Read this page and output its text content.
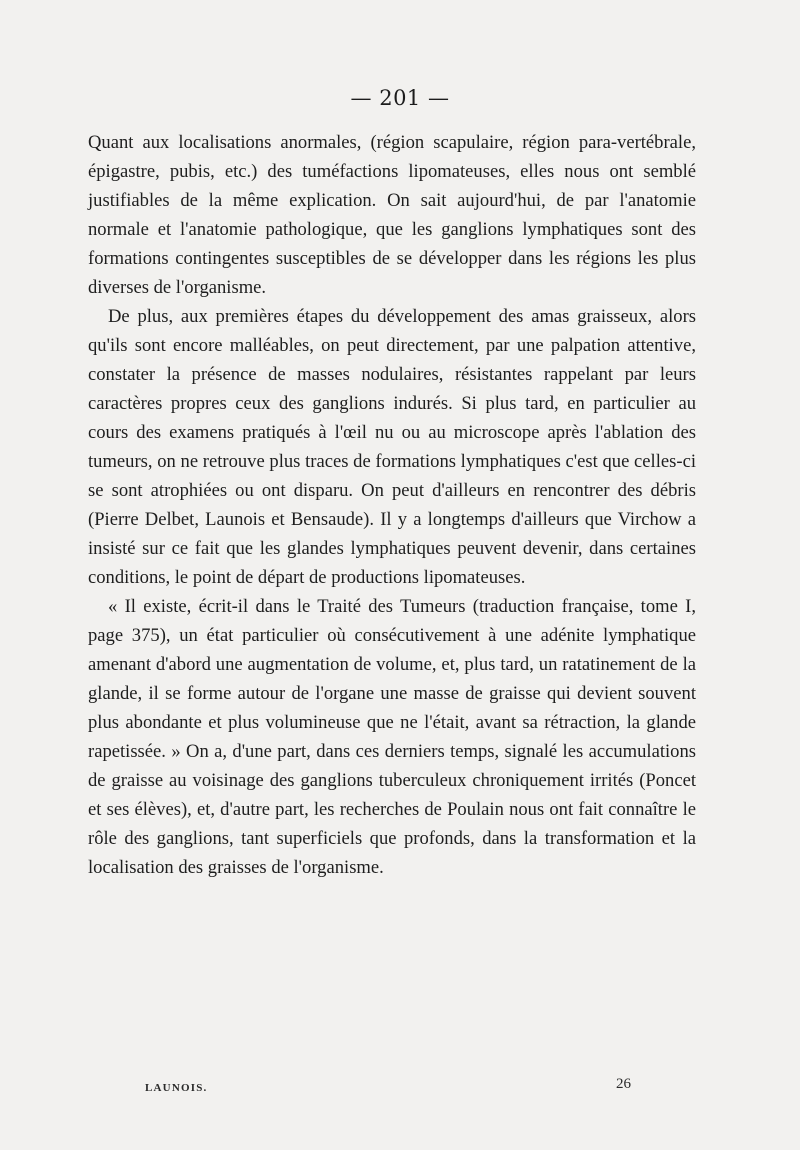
— 201 —

Quant aux localisations anormales, (région scapulaire, région para-vertébrale, épigastre, pubis, etc.) des tuméfactions lipomateuses, elles nous ont semblé justifiables de la même explication. On sait aujourd'hui, de par l'anatomie normale et l'anatomie pathologique, que les ganglions lymphatiques sont des formations contingentes susceptibles de se développer dans les régions les plus diverses de l'organisme.

De plus, aux premières étapes du développement des amas graisseux, alors qu'ils sont encore malléables, on peut directement, par une palpation attentive, constater la présence de masses nodulaires, résistantes rappelant par leurs caractères propres ceux des ganglions indurés. Si plus tard, en particulier au cours des examens pratiqués à l'œil nu ou au microscope après l'ablation des tumeurs, on ne retrouve plus traces de formations lymphatiques c'est que celles-ci se sont atrophiées ou ont disparu. On peut d'ailleurs en rencontrer des débris (Pierre Delbet, Launois et Bensaude). Il y a longtemps d'ailleurs que Virchow a insisté sur ce fait que les glandes lymphatiques peuvent devenir, dans certaines conditions, le point de départ de productions lipomateuses.

« Il existe, écrit-il dans le Traité des Tumeurs (traduction française, tome I, page 375), un état particulier où consécutivement à une adénite lymphatique amenant d'abord une augmentation de volume, et, plus tard, un ratatinement de la glande, il se forme autour de l'organe une masse de graisse qui devient souvent plus abondante et plus volumineuse que ne l'était, avant sa rétraction, la glande rapetissée. » On a, d'une part, dans ces derniers temps, signalé les accumulations de graisse au voisinage des ganglions tuberculeux chroniquement irrités (Poncet et ses élèves), et, d'autre part, les recherches de Poulain nous ont fait connaître le rôle des ganglions, tant superficiels que profonds, dans la transformation et la localisation des graisses de l'organisme.

LAUNOIS.	26
